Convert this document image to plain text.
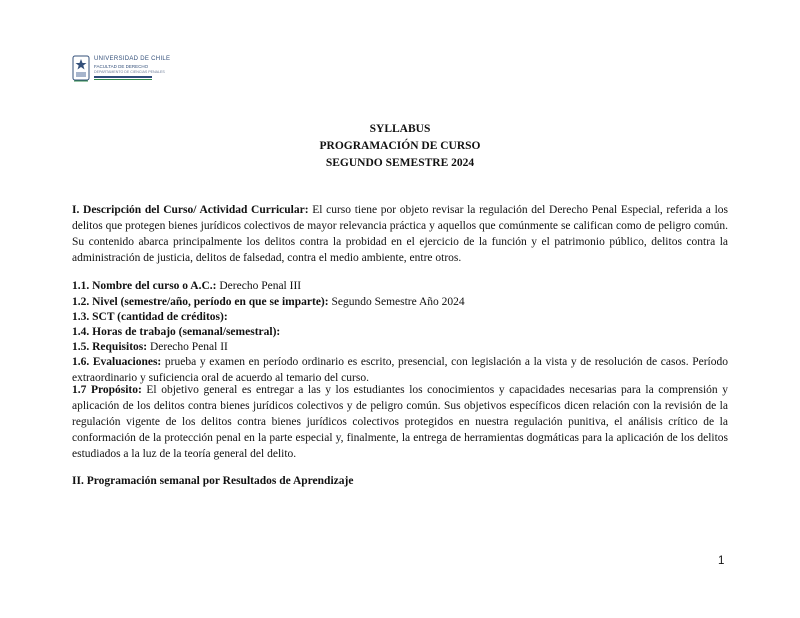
UNIVERSIDAD DE CHILE
FACULTAD DE DERECHO
DEPARTAMENTO DE CIENCIAS PENALES
SYLLABUS
PROGRAMACIÓN DE CURSO
SEGUNDO SEMESTRE 2024
I. Descripción del Curso/ Actividad Curricular: El curso tiene por objeto revisar la regulación del Derecho Penal Especial, referida a los delitos que protegen bienes jurídicos colectivos de mayor relevancia práctica y aquellos que comúnmente se califican como de peligro común. Su contenido abarca principalmente los delitos contra la probidad en el ejercicio de la función y el patrimonio público, delitos contra la administración de justicia, delitos de falsedad, contra el medio ambiente, entre otros.
1.1. Nombre del curso o A.C.: Derecho Penal III
1.2. Nivel (semestre/año, período en que se imparte): Segundo Semestre Año 2024
1.3. SCT (cantidad de créditos):
1.4. Horas de trabajo (semanal/semestral):
1.5. Requisitos: Derecho Penal II
1.6. Evaluaciones: prueba y examen en período ordinario es escrito, presencial, con legislación a la vista y de resolución de casos. Período extraordinario y suficiencia oral de acuerdo al temario del curso.
1.7 Propósito: El objetivo general es entregar a las y los estudiantes los conocimientos y capacidades necesarias para la comprensión y aplicación de los delitos contra bienes jurídicos colectivos y de peligro común. Sus objetivos específicos dicen relación con la revisión de la regulación vigente de los delitos contra bienes jurídicos colectivos protegidos en nuestra regulación punitiva, el análisis crítico de la conformación de la protección penal en la parte especial y, finalmente, la entrega de herramientas dogmáticas para la aplicación de los delitos estudiados a la luz de la teoría general del delito.
II. Programación semanal por Resultados de Aprendizaje
1
